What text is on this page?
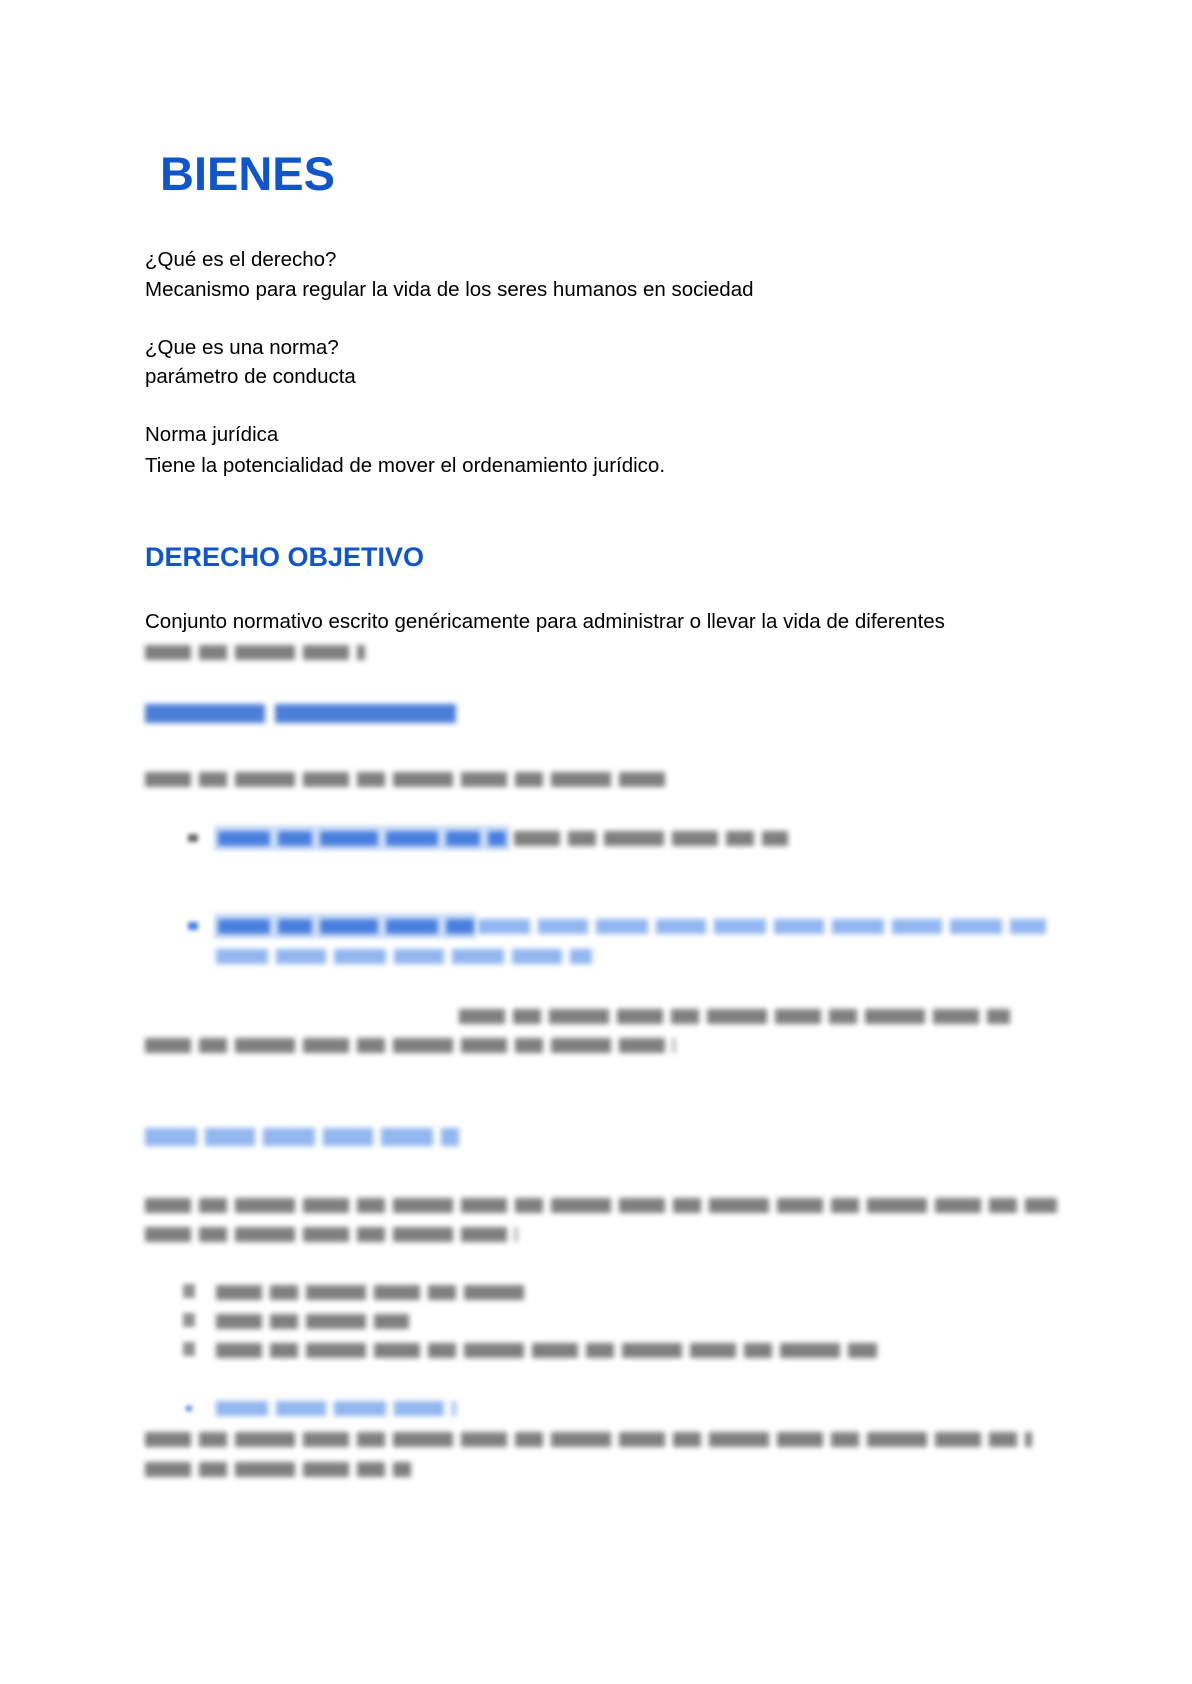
BIENES
¿Qué es el derecho?
Mecanismo para regular la vida de los seres humanos en sociedad
¿Que es una norma?
parámetro de conducta
Norma jurídica
Tiene la potencialidad de mover el ordenamiento jurídico.
DERECHO OBJETIVO
Conjunto normativo escrito genéricamente para administrar o llevar la vida de diferentes
